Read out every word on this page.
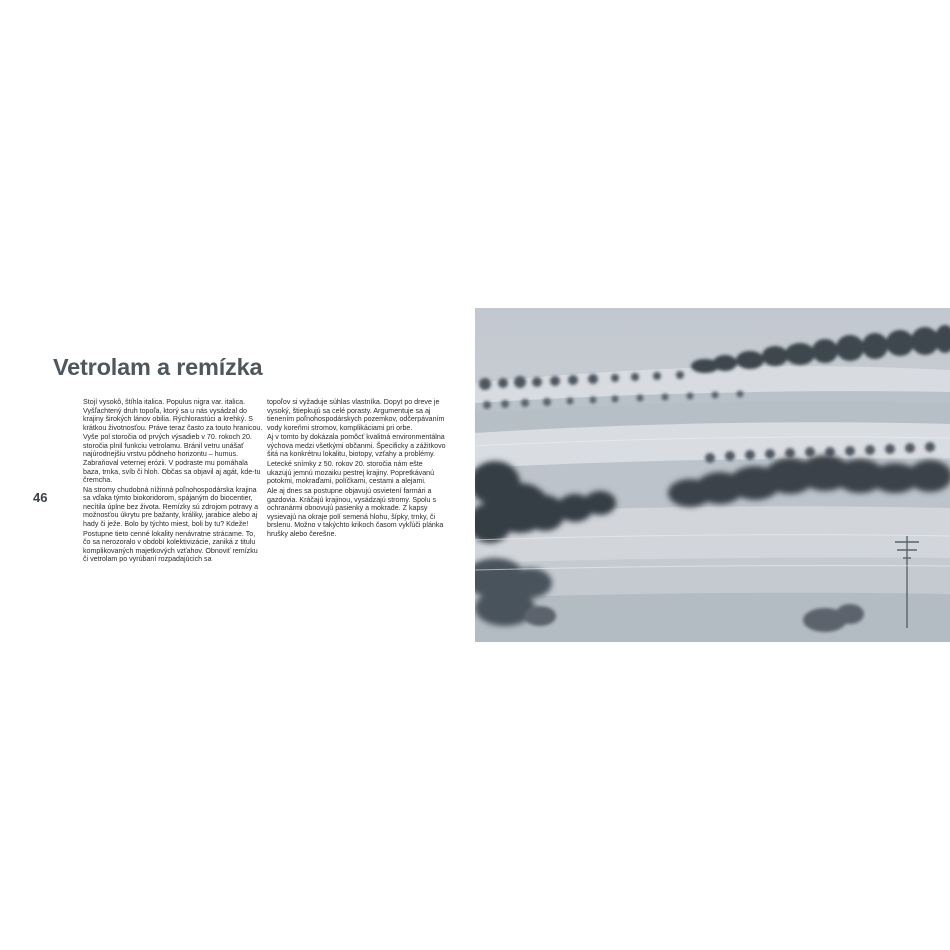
46
Vetrolam a remízka

Stojí vysokô, štíhla italica. Populus nigra var. italica. Vyšľachtený druh topoľa, ktorý sa u nás vysádzal do krajiny širokých lánov obilia. Rýchlorastúci a krehký. S krátkou životnosťou. Práve teraz často za touto hranicou.

Vyše pol storočia od prvých výsadieb v 70. rokoch 20. storočia plnil funkciu vetrolamu. Bránil vetru unášať najúrodnejšiu vrstvu pôdneho horizontu – humus. Zabraňoval veternej erózii. V podraste mu pomáhala baza, trnka, svíb či hloh. Občas sa objavil aj agát, kde-tu čremcha.

Na stromy chudobná nížinná poľnohospodárska krajina sa vďaka týmto biokoridorom, spájaným do biocentier, necítila úplne bez života. Remízky sú zdrojom potravy a možnosťou úkrytu pre bažanty, králiky, jarabice alebo aj hady či ježe. Bolo by týchto miest, boli by tu? Kdeže!

Postupne tieto cenné lokality nenávratne strácame. To, čo sa nerozoralo v období kolektivizácie, zaniká z titulu komplikovaných majetkových vzťahov. Obnoviť remízku či vetrolam po vyrúbaní rozpadajúcich sa

topoľov si vyžaduje súhlas vlastníka. Dopyt po dreve je vysoký, štiepkujú sa celé porasty. Argumentuje sa aj tienením poľnohospodárskych pozemkov, odčerpávaním vody koreňmi stromov, komplikáciami pri orbe.

Aj v tomto by dokázala pomôcť kvalitná environmentálna výchova medzi všetkými občanmi. Špecificky a zážitkovo šitá na konkrétnu lokalitu, biotopy, vzťahy a problémy.

Letecké snímky z 50. rokov 20. storočia nám ešte ukazujú jemnú mozaiku pestrej krajiny. Popretkávanú potokmi, mokraďami, políčkami, cestami a alejami.

Ale aj dnes sa postupne objavujú osvietení farmári a gazdovia. Kráčajú krajinou, vysádzajú stromy. Spolu s ochranármi obnovujú pasienky a mokrade. Z kapsy vysievajú na okraje polí semená hlohu, šípky, trnky, či brslenu. Možno v takýchto krikoch časom vykľúči plánka hrušky alebo čerešne.
